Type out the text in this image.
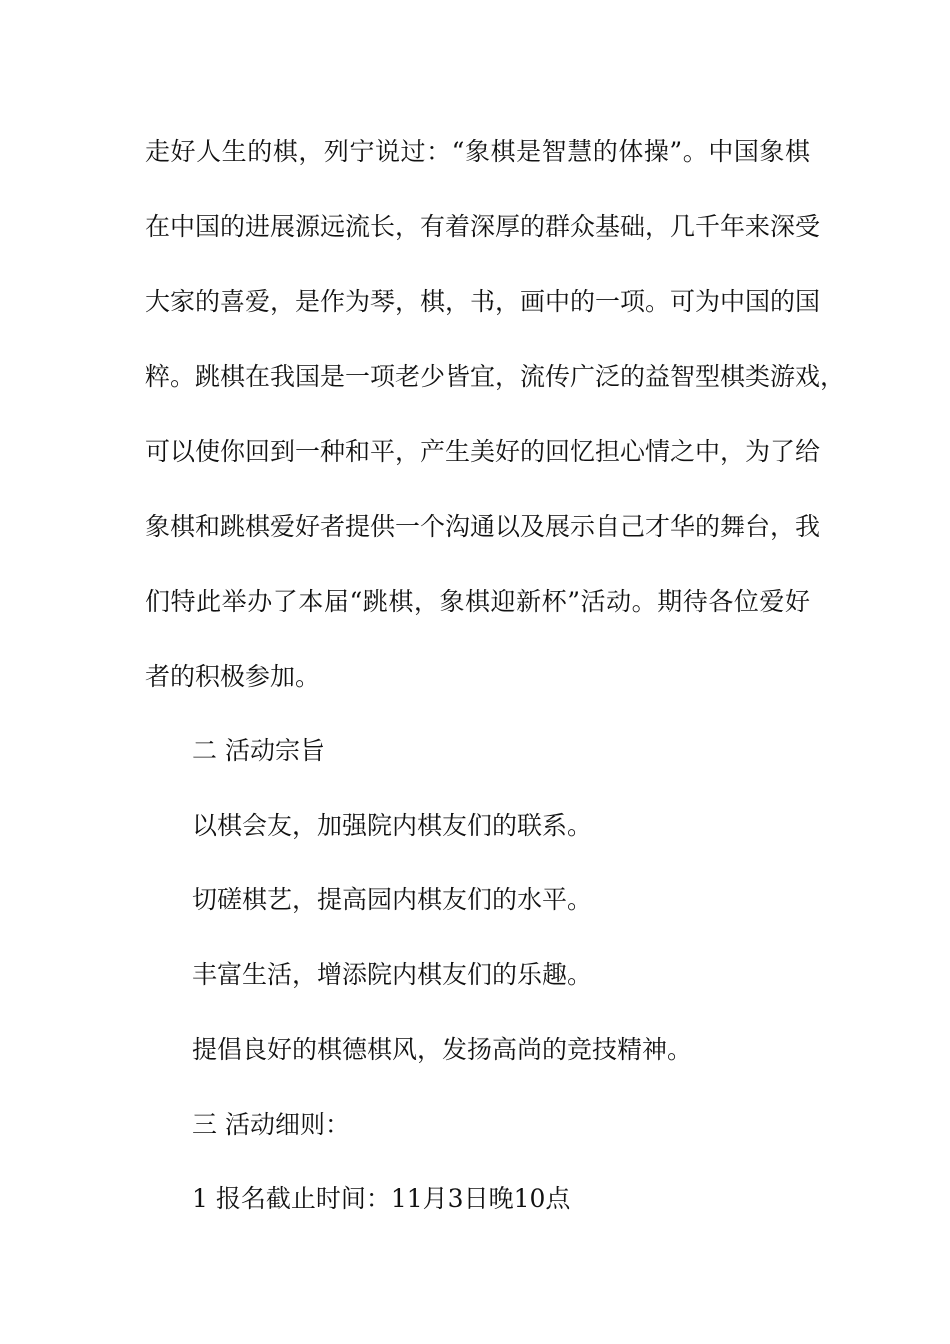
走好人生的棋，列宁说过：“象棋是智慧的体操”。中国象棋
在中国的进展源远流长，有着深厚的群众基础，几千年来深受
大家的喜爱，是作为琴，棋，书，画中的一项。可为中国的国
粹。跳棋在我国是一项老少皆宜，流传广泛的益智型棋类游戏，
可以使你回到一种和平，产生美好的回忆担心情之中，为了给
象棋和跳棋爱好者提供一个沟通以及展示自己才华的舞台，我
们特此举办了本届“跳棋，象棋迎新杯”活动。期待各位爱好
者的积极参加。
二 活动宗旨
以棋会友，加强院内棋友们的联系。
切磋棋艺，提高园内棋友们的水平。
丰富生活，增添院内棋友们的乐趣。
提倡良好的棋德棋风，发扬高尚的竞技精神。
三 活动细则：
1 报名截止时间：11月3日晚10点
